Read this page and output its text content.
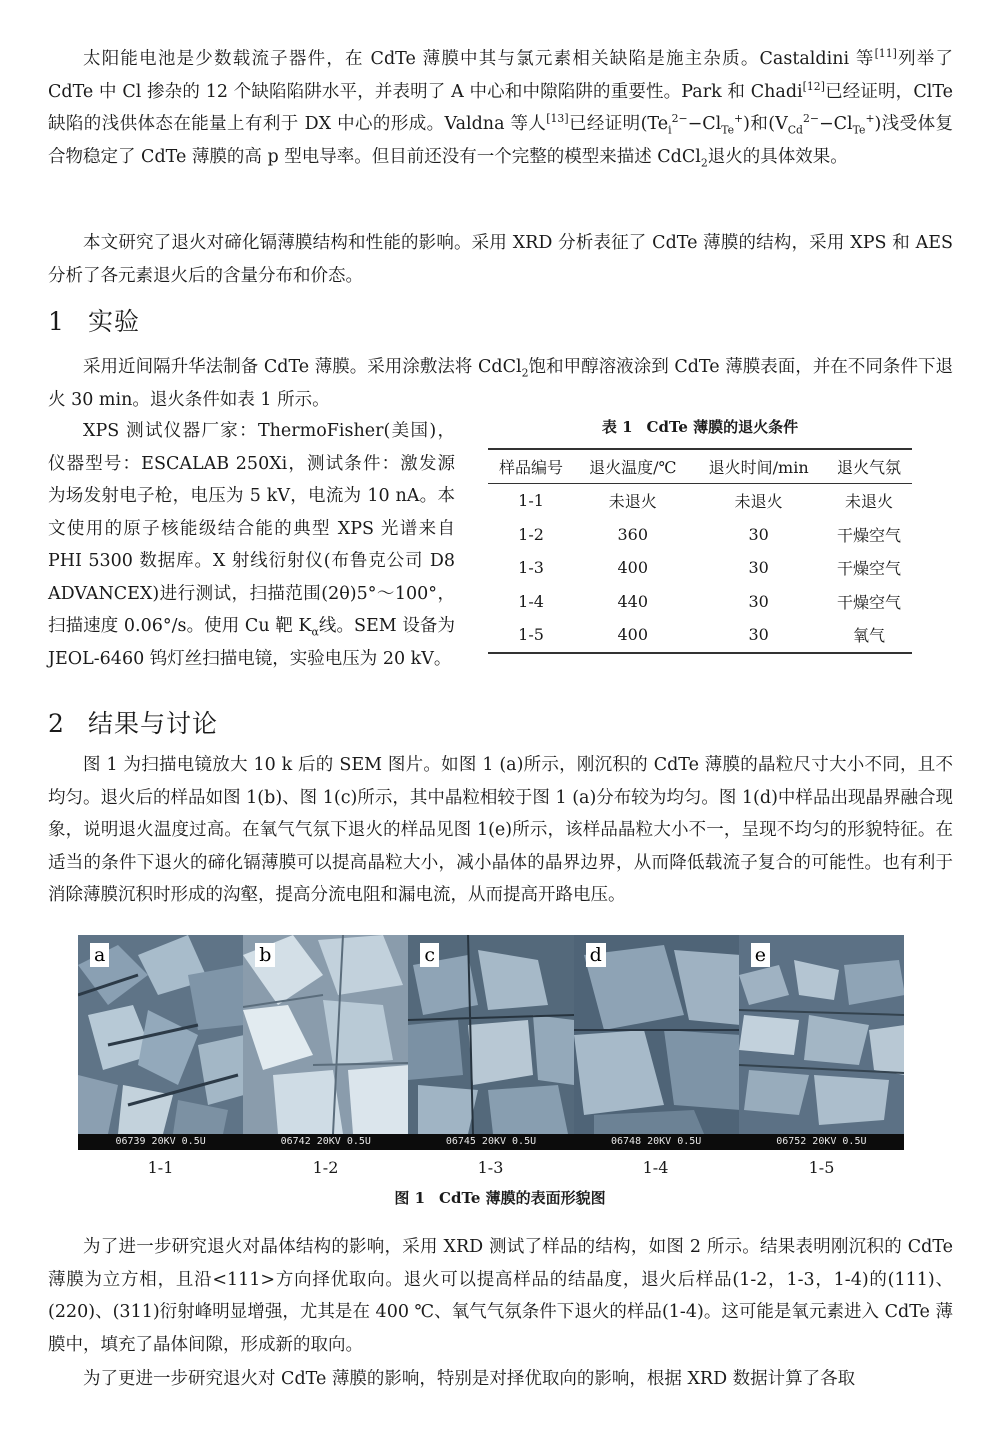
太阳能电池是少数载流子器件，在 CdTe 薄膜中其与氯元素相关缺陷是施主杂质。Castaldini 等[11]列举了 CdTe 中 Cl 掺杂的 12 个缺陷陷阱水平，并表明了 A 中心和中隙陷阱的重要性。Park 和 Chadi[12]已经证明，ClTe 缺陷的浅供体态在能量上有利于 DX 中心的形成。Valdna 等人[13]已经证明$(Te_i^{2-}-Cl_{Te}^+)$和$(V_{Cd}^{2-}-Cl_{Te}^+)$浅受体复合物稳定了 CdTe 薄膜的高 p 型电导率。但目前还没有一个完整的模型来描述 CdCl$_2$退火的具体效果。

本文研究了退火对碲化镉薄膜结构和性能的影响。采用 XRD 分析表征了 CdTe 薄膜的结构，采用 XPS 和 AES 分析了各元素退火后的含量分布和价态。

1 实验

采用近间隔升华法制备 CdTe 薄膜。采用涂敷法将 CdCl$_2$饱和甲醇溶液涂到 CdTe 薄膜表面，并在不同条件下退火 30 min。退火条件如表 1 所示。

XPS 测试仪器厂家：ThermoFisher(美国)，仪器型号：ESCALAB 250Xi，测试条件：激发源为场发射电子枪，电压为 5 kV，电流为 10 nA。本文使用的原子核能级结合能的典型 XPS 光谱来自 PHI 5300 数据库。X 射线衍射仪(布鲁克公司 D8 ADVANCEX)进行测试，扫描范围(2θ)5°～100°，扫描速度 0.06°/s。使用 Cu 靶 $K_\alpha$线。SEM 设备为 JEOL-6460 钨灯丝扫描电镜，实验电压为 20 kV。

表 1 CdTe 薄膜的退火条件
样品编号	退火温度/℃	退火时间/min	退火气氛
1-1	未退火	未退火	未退火
1-2	360	30	干燥空气
1-3	400	30	干燥空气
1-4	440	30	干燥空气
1-5	400	30	氧气
2 结果与讨论

图 1 为扫描电镜放大 10 k 后的 SEM 图片。如图 1 (a)所示，刚沉积的 CdTe 薄膜的晶粒尺寸大小不同，且不均匀。退火后的样品如图 1(b)、图 1(c)所示，其中晶粒相较于图 1 (a)分布较为均匀。图 1(d)中样品出现晶界融合现象，说明退火温度过高。在氧气气氛下退火的样品见图 1(e)所示，该样品晶粒大小不一，呈现不均匀的形貌特征。在适当的条件下退火的碲化镉薄膜可以提高晶粒大小，减小晶体的晶界边界，从而降低载流子复合的可能性。也有利于消除薄膜沉积时形成的沟壑，提高分流电阻和漏电流，从而提高开路电压。

a
06739 20KV 0.5U
b
06742 20KV 0.5U
c
06745 20KV 0.5U
d
06748 20KV 0.5U
e
06752 20KV 0.5U
1-1	1-2	1-3	1-4	1-5
图 1 CdTe 薄膜的表面形貌图

为了进一步研究退火对晶体结构的影响，采用 XRD 测试了样品的结构，如图 2 所示。结果表明刚沉积的 CdTe 薄膜为立方相，且沿<111>方向择优取向。退火可以提高样品的结晶度，退火后样品(1-2，1-3，1-4)的(111)、(220)、(311)衍射峰明显增强，尤其是在 400 ℃、氧气气氛条件下退火的样品(1-4)。这可能是氧元素进入 CdTe 薄膜中，填充了晶体间隙，形成新的取向。

为了更进一步研究退火对 CdTe 薄膜的影响，特别是对择优取向的影响，根据 XRD 数据计算了各取
